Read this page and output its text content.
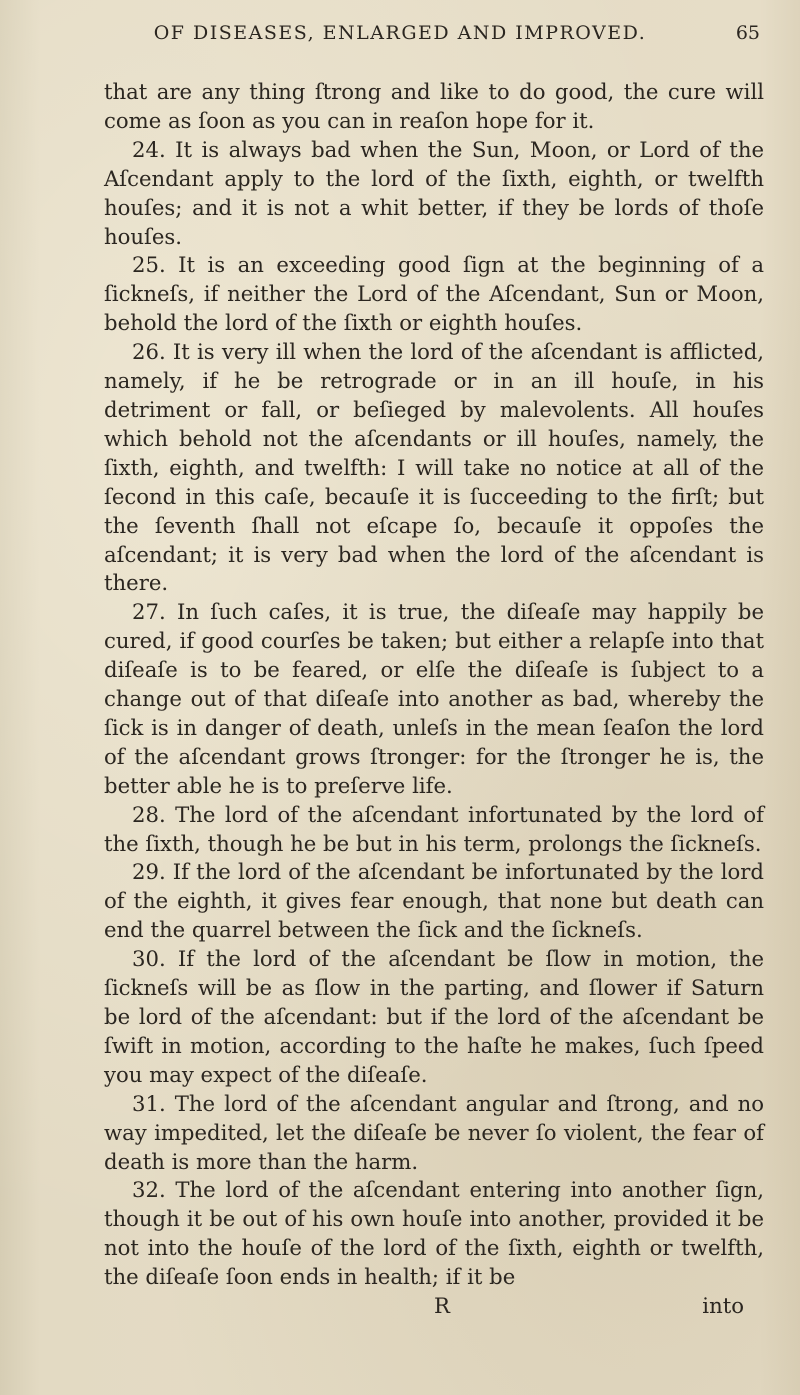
OF DISEASES, ENLARGED AND IMPROVED.	65

that are any thing ſtrong and like to do good, the cure will come as ſoon as you can in reaſon hope for it.

24. It is always bad when the Sun, Moon, or Lord of the Aſcendant apply to the lord of the ſixth, eighth, or twelfth houſes; and it is not a whit better, if they be lords of thoſe houſes.

25. It is an exceeding good ſign at the beginning of a ſickneſs, if neither the Lord of the Aſcendant, Sun or Moon, behold the lord of the ſixth or eighth houſes.

26. It is very ill when the lord of the aſcendant is afflicted, namely, if he be retrograde or in an ill houſe, in his detriment or fall, or beſieged by malevolents. All houſes which behold not the aſcendants or ill houſes, namely, the ſixth, eighth, and twelfth: I will take no notice at all of the ſecond in this caſe, becauſe it is ſucceeding to the firſt; but the ſeventh ſhall not eſcape ſo, becauſe it oppoſes the aſcendant; it is very bad when the lord of the aſcendant is there.

27. In ſuch caſes, it is true, the diſeaſe may happily be cured, if good courſes be taken; but either a relapſe into that diſeaſe is to be feared, or elſe the diſeaſe is ſubject to a change out of that diſeaſe into another as bad, whereby the ſick is in danger of death, unleſs in the mean ſeaſon the lord of the aſcendant grows ſtronger: for the ſtronger he is, the better able he is to preſerve life.

28. The lord of the aſcendant infortunated by the lord of the ſixth, though he be but in his term, prolongs the ſickneſs.

29. If the lord of the aſcendant be infortunated by the lord of the eighth, it gives fear enough, that none but death can end the quarrel between the ſick and the ſickneſs.

30. If the lord of the aſcendant be ſlow in motion, the ſickneſs will be as ſlow in the parting, and ſlower if Saturn be lord of the aſcendant: but if the lord of the aſcendant be ſwift in motion, according to the haſte he makes, ſuch ſpeed you may expect of the diſeaſe.

31. The lord of the aſcendant angular and ſtrong, and no way impedited, let the diſeaſe be never ſo violent, the fear of death is more than the harm.

32. The lord of the aſcendant entering into another ſign, though it be out of his own houſe into another, provided it be not into the houſe of the lord of the ſixth, eighth or twelfth, the diſeaſe ſoon ends in health; if it be

R	into
